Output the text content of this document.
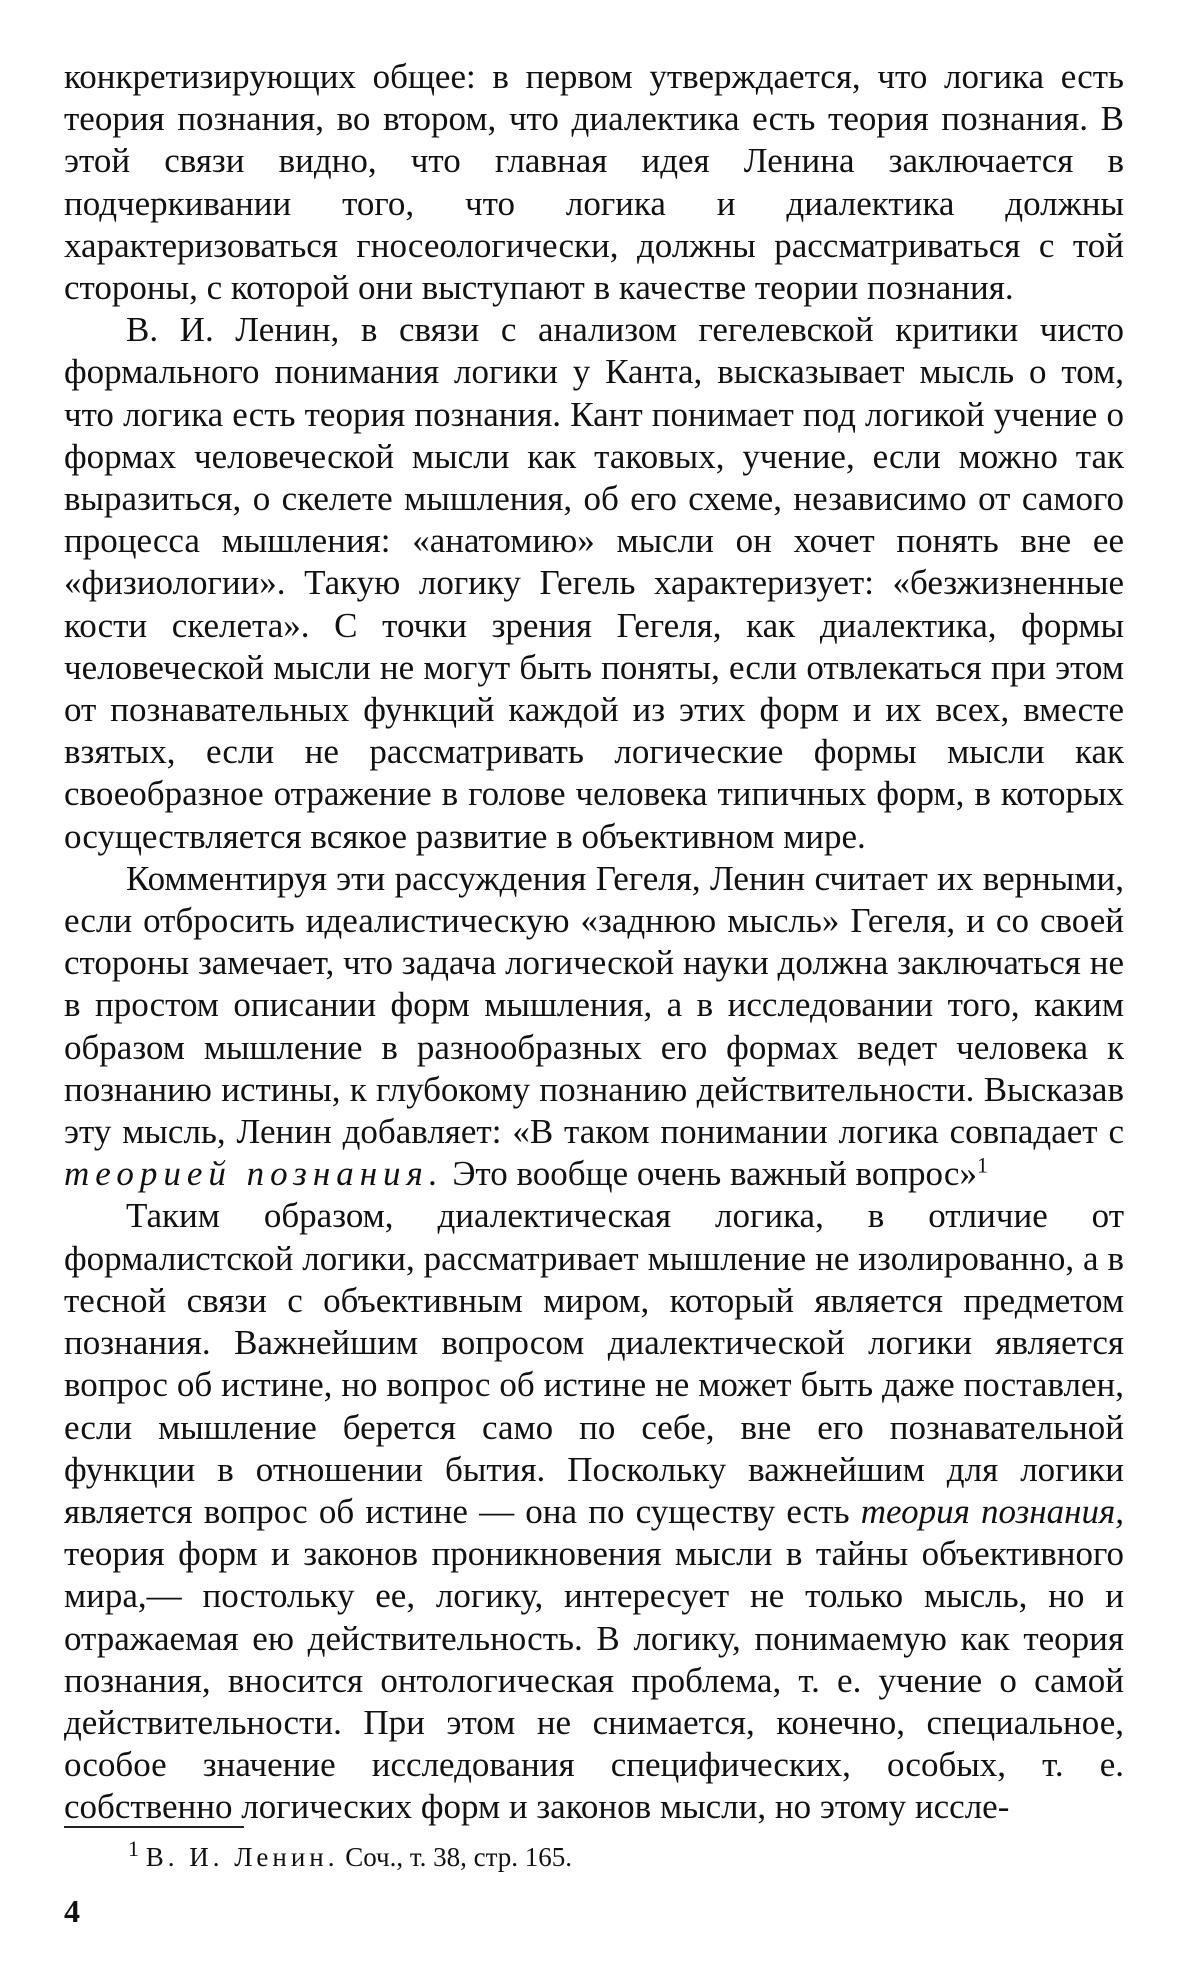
конкретизирующих общее: в первом утверждается, что логика есть теория познания, во втором, что диалектика есть теория познания. В этой связи видно, что главная идея Ленина заключается в подчеркивании того, что логика и диалектика должны характеризоваться гносеологически, должны рассматриваться с той стороны, с которой они выступают в качестве теории познания.

В. И. Ленин, в связи с анализом гегелевской критики чисто формального понимания логики у Канта, высказывает мысль о том, что логика есть теория познания. Кант понимает под логикой учение о формах человеческой мысли как таковых, учение, если можно так выразиться, о скелете мышления, об его схеме, независимо от самого процесса мышления: «анатомию» мысли он хочет понять вне ее «физиологии». Такую логику Гегель характеризует: «безжизненные кости скелета». С точки зрения Гегеля, как диалектика, формы человеческой мысли не могут быть поняты, если отвлекаться при этом от познавательных функций каждой из этих форм и их всех, вместе взятых, если не рассматривать логические формы мысли как своеобразное отражение в голове человека типичных форм, в которых осуществляется всякое развитие в объективном мире.

Комментируя эти рассуждения Гегеля, Ленин считает их верными, если отбросить идеалистическую «заднюю мысль» Гегеля, и со своей стороны замечает, что задача логической науки должна заключаться не в простом описании форм мышления, а в исследовании того, каким образом мышление в разнообразных его формах ведет человека к познанию истины, к глубокому познанию действительности. Высказав эту мысль, Ленин добавляет: «В таком понимании логика совпадает с теорией познания. Это вообще очень важный вопрос»$^1$

Таким образом, диалектическая логика, в отличие от формалистской логики, рассматривает мышление не изолированно, а в тесной связи с объективным миром, который является предметом познания. Важнейшим вопросом диалектической логики является вопрос об истине, но вопрос об истине не может быть даже поставлен, если мышление берется само по себе, вне его познавательной функции в отношении бытия. Поскольку важнейшим для логики является вопрос об истине — она по существу есть теория познания, теория форм и законов проникновения мысли в тайны объективного мира,— постольку ее, логику, интересует не только мысль, но и отражаемая ею действительность. В логику, понимаемую как теория познания, вносится онтологическая проблема, т. е. учение о самой действительности. При этом не снимается, конечно, специальное, особое значение исследования специфических, особых, т. е. собственно логических форм и законов мысли, но этому иссле-

$^1$ В. И. Ленин. Соч., т. 38, стр. 165.
4
